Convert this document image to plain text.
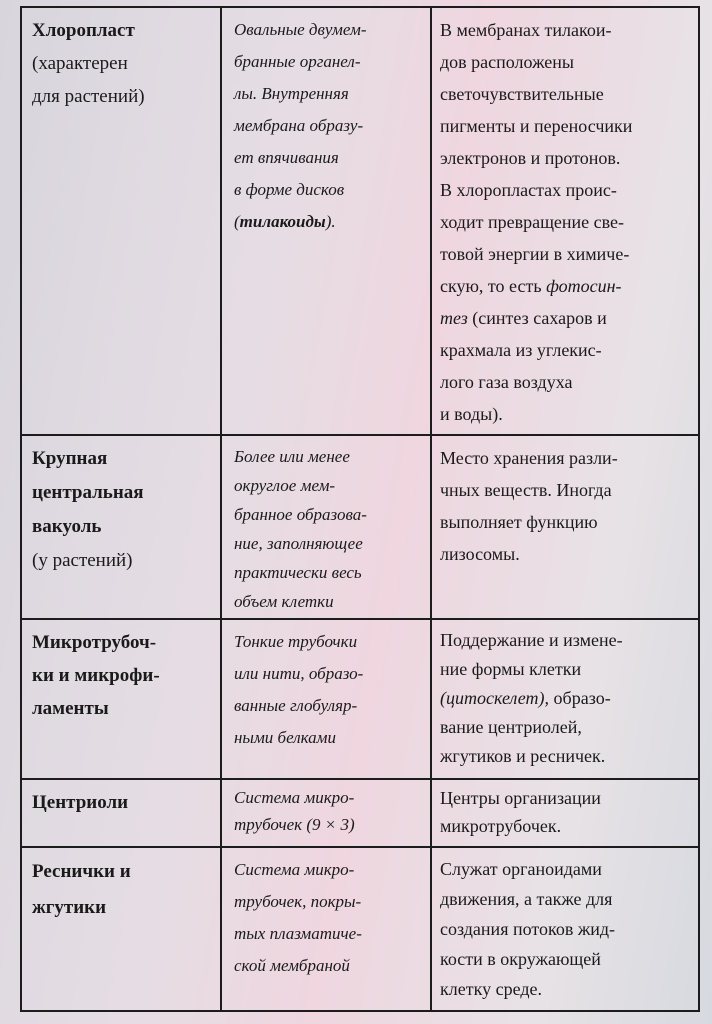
Хлоропласт
(характерен
для растений)
Овальные двумем-
бранные органел-
лы. Внутренняя
мембрана образу-
ет впячивания
в форме дисков
(тилакоиды).
В мембранах тилакои-
дов расположены
светочувствительные
пигменты и переносчики
электронов и протонов.
В хлоропластах проис-
ходит превращение све-
товой энергии в химиче-
скую, то есть фотосин-
тез (синтез сахаров и
крахмала из углекис-
лого газа воздуха
и воды).
Крупная
центральная
вакуоль
(у растений)
Более или менее
округлое мем-
бранное образова-
ние, заполняющее
практически весь
объем клетки
Место хранения разли-
чных веществ. Иногда
выполняет функцию
лизосомы.
Микротрубоч-
ки и микрофи-
ламенты
Тонкие трубочки
или нити, образо-
ванные глобуляр-
ными белками
Поддержание и измене-
ние формы клетки
(цитоскелет), образо-
вание центриолей,
жгутиков и ресничек.
Центриоли	Система микро-
трубочек (9 × 3)
Центры организации
микротрубочек.
Реснички и
жгутики
Система микро-
трубочек, покры-
тых плазматиче-
ской мембраной
Служат органоидами
движения, а также для
создания потоков жид-
кости в окружающей
клетку среде.
